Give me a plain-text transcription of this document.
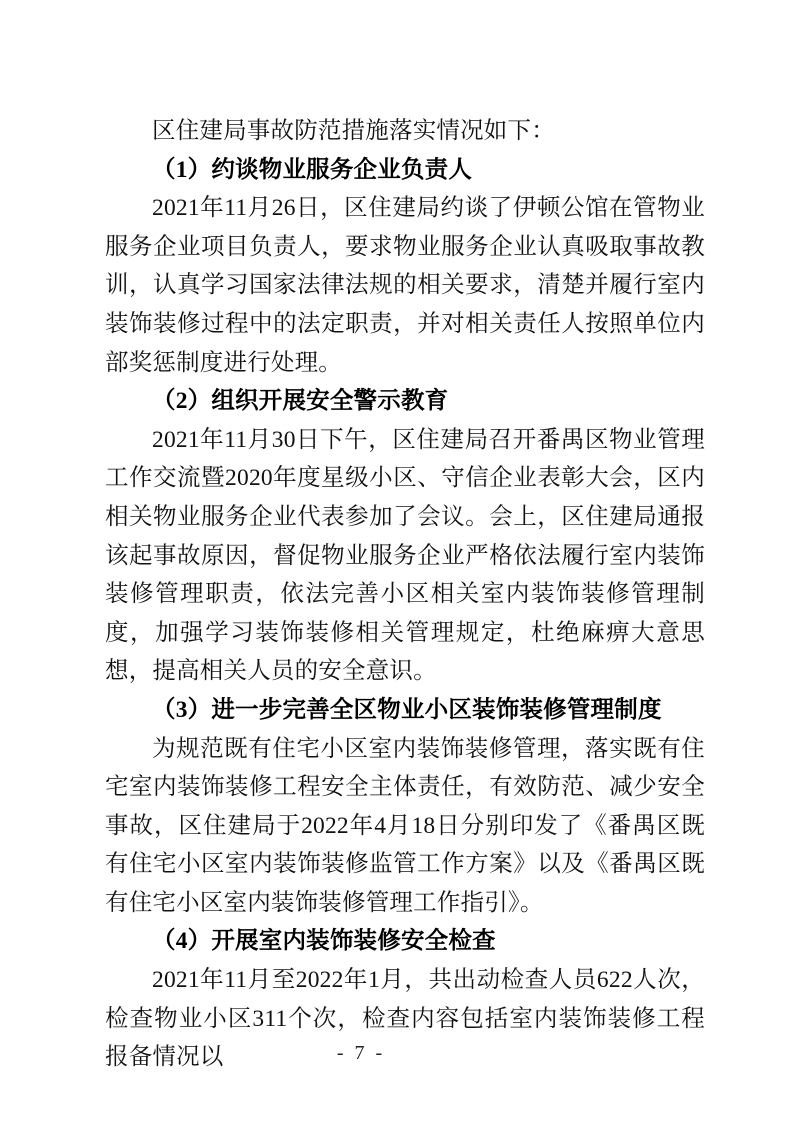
区住建局事故防范措施落实情况如下：

（1）约谈物业服务企业负责人

2021年11月26日，区住建局约谈了伊顿公馆在管物业服务企业项目负责人，要求物业服务企业认真吸取事故教训，认真学习国家法律法规的相关要求，清楚并履行室内装饰装修过程中的法定职责，并对相关责任人按照单位内部奖惩制度进行处理。

（2）组织开展安全警示教育

2021年11月30日下午，区住建局召开番禺区物业管理工作交流暨2020年度星级小区、守信企业表彰大会，区内相关物业服务企业代表参加了会议。会上，区住建局通报该起事故原因，督促物业服务企业严格依法履行室内装饰装修管理职责，依法完善小区相关室内装饰装修管理制度，加强学习装饰装修相关管理规定，杜绝麻痹大意思想，提高相关人员的安全意识。

（3）进一步完善全区物业小区装饰装修管理制度

为规范既有住宅小区室内装饰装修管理，落实既有住宅室内装饰装修工程安全主体责任，有效防范、减少安全事故，区住建局于2022年4月18日分别印发了《番禺区既有住宅小区室内装饰装修监管工作方案》以及《番禺区既有住宅小区室内装饰装修管理工作指引》。

（4）开展室内装饰装修安全检查

2021年11月至2022年1月，共出动检查人员622人次，检查物业小区311个次，检查内容包括室内装饰装修工程报备情况以	- 7 -
